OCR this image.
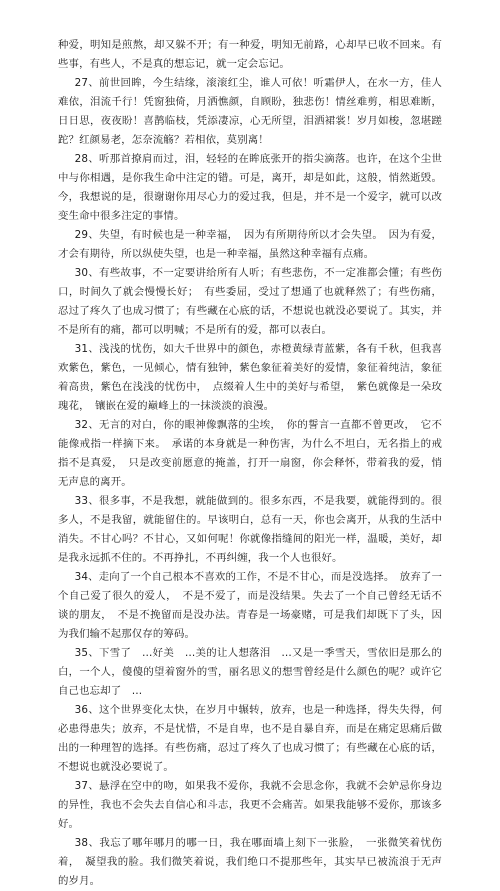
种爱，明知是煎熬，却又躲不开；有一种爱，明知无前路，心却早已收不回来。有些事，有些人，不是真的想忘记，就一定会忘记。

27、前世回眸，今生结缘，滚滚红尘，谁人可依！听霜伊人，在水一方，佳人难依，泪流千行！凭窗独倚，月洒憔颜，自顾盼，独悲伤！情丝难剪，相思难断，日日思，夜夜盼！喜鹊临枝，凭添凄凉，心无所望，泪洒裙裳！岁月如梭，忽堪蹉跎？红颜易老，怎奈流觞？若相依，莫别离！

28、听那首撩肩而过，泪，轻轻的在眸底张开的指尖滴落。也许，在这个尘世中与你相遇，是你我生命中注定的错。可是，离开，却是如此，这般，悄然逝毁。今，我想说的是，很谢谢你用尽心力的爱过我，但是，并不是一个爱字，就可以改变生命中很多注定的事情。

29、失望，有时候也是一种幸福，　因为有所期待所以才会失望。　因为有爱，才会有期待，所以纵使失望，也是一种幸福，虽然这种幸福有点痛。

30、有些故事，不一定要讲给所有人听；有些悲伤，不一定准都会懂；有些伤口，时间久了就会慢慢长好；　有些委屈，受过了想通了也就释然了；有些伤痛，忍过了疼久了也成习惯了；有些藏在心底的话，不想说也就没必要说了。其实，并不是所有的痛，都可以明喊；不是所有的爱，都可以表白。

31、浅浅的忧伤，如大千世界中的颜色，赤橙黄绿青蓝紫，各有千秋，但我喜欢紫色，紫色，一见倾心，情有独钟，紫色象征着美好的爱情，象征着纯洁，象征着高贵，紫色在浅浅的忧伤中，　点缀着人生中的美好与希望，　紫色就像是一朵玫瑰花，　镶嵌在爱的巅峰上的一抹淡淡的浪漫。

32、无言的对白，你的眼神像飘落的尘埃，　你的誓言一直都不曾更改，　它不能像戒指一样摘下来。　承诺的本身就是一种伤害，为什么不坦白，无名指上的戒指不是真爱，　只是改变前愿意的掩盖，打开一扇窗，你会释怀，带着我的爱，悄无声息的离开。

33、很多事，不是我想，就能做到的。很多东西，不是我要，就能得到的。很多人，不是我留，就能留住的。早该明白，总有一天，你也会离开，从我的生活中消失。不甘心吗？不甘心，又如何呢！你就像指缝间的阳光一样，温暖，美好，却是我永远抓不住的。不再挣扎，不再纠缠，我一个人也很好。

34、走向了一个自己根本不喜欢的工作，不是不甘心，而是没选择。　放弃了一个自己爱了很久的爱人，　不是不爱了，而是没结果。失去了一个自己曾经无话不谈的朋友，　不是不挽留而是没办法。青春是一场豪赌，可是我们却既下了头，因为我们输不起那仅存的筹码。

35、下雪了　…好美　…美的让人想落泪　…又是一季雪天，雪依旧是那么的白，一个人，傻傻的望着窗外的雪，丽名思义的想雪曾经是什么颜色的呢？或许它自己也忘却了　…

36、这个世界变化太快，在岁月中辗转，放弃，也是一种选择，得失失得，何必患得患失；放弃，不是忧惜，不是自卑，也不是自暴自弃，而是在痛定思痛后做出的一种理智的选择。有些伤痛，忍过了疼久了也成习惯了；有些藏在心底的话，不想说也就没必要说了。

37、悬浮在空中的吻，如果我不爱你，我就不会思念你，我就不会妒忌你身边的异性，我也不会失去自信心和斗志，我更不会痛苦。如果我能够不爱你，那该多好。

38、我忘了哪年哪月的哪一日，我在哪面墙上刻下一张脸，　一张微笑着忧伤着，　凝望我的脸。我们微笑着说，我们绝口不提那些年，其实早已被流浪于无声的岁月。
